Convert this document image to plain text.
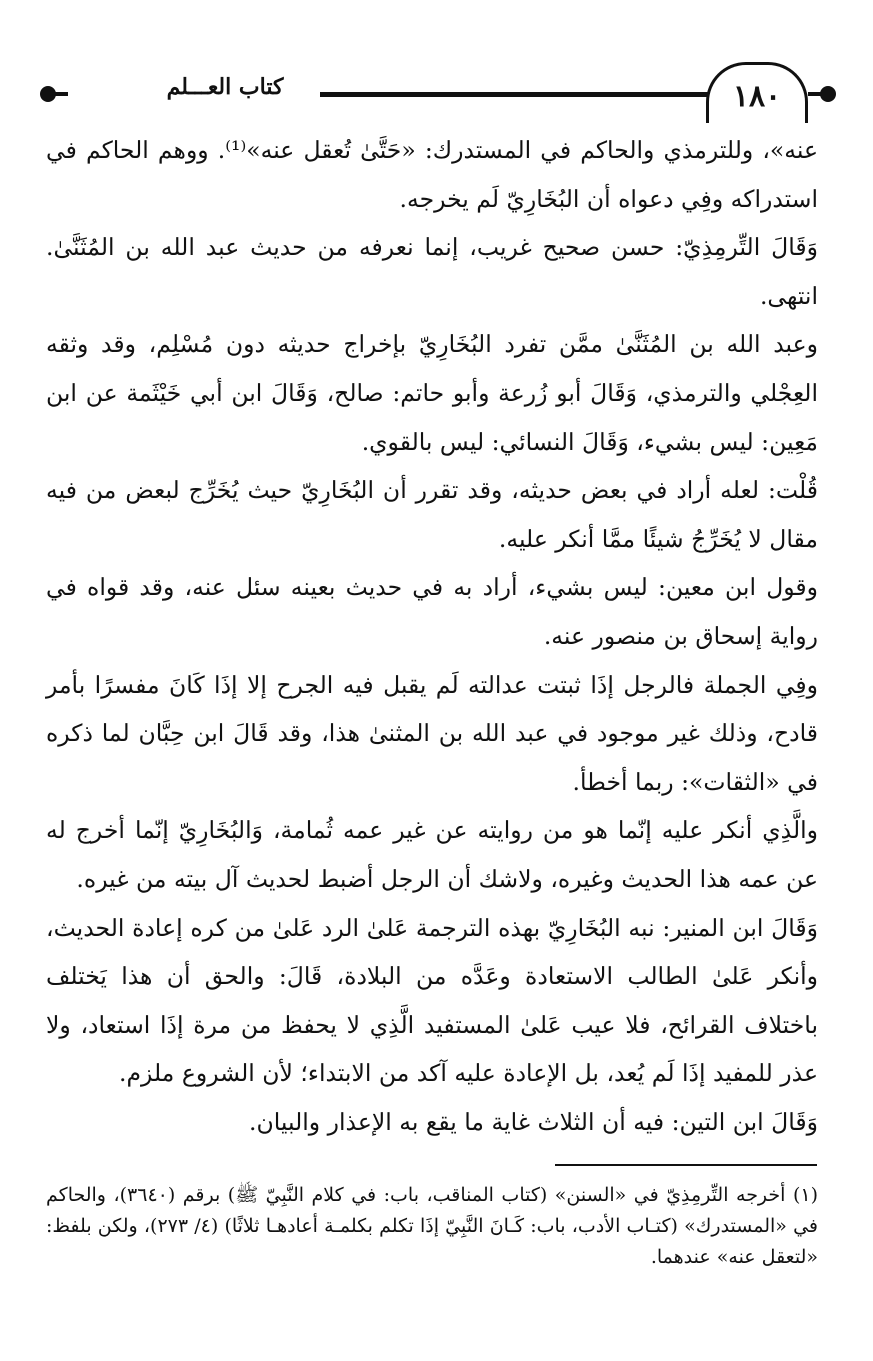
كتاب العـــلم	١٨٠

عنه»، وللترمذي والحاكم في المستدرك: «حَتَّىٰ تُعقل عنه»⁽¹⁾. ووهم الحاكم في استدراكه وفِي دعواه أن البُخَارِيّ لَم يخرجه.

وَقَالَ التِّرمِذِيّ: حسن صحيح غريب، إنما نعرفه من حديث عبد الله بن المُثَنَّىٰ. انتهى.

وعبد الله بن المُثَنَّىٰ ممَّن تفرد البُخَارِيّ بإخراج حديثه دون مُسْلِم، وقد وثقه العِجْلي والترمذي، وَقَالَ أبو زُرعة وأبو حاتم: صالح، وَقَالَ ابن أبي خَيْثَمة عن ابن مَعِين: ليس بشيء، وَقَالَ النسائي: ليس بالقوي.

قُلْت: لعله أراد في بعض حديثه، وقد تقرر أن البُخَارِيّ حيث يُخَرِّج لبعض من فيه مقال لا يُخَرِّجُ شيئًا ممَّا أنكر عليه.

وقول ابن معين: ليس بشيء، أراد به في حديث بعينه سئل عنه، وقد قواه في رواية إسحاق بن منصور عنه.

وفِي الجملة فالرجل إذَا ثبتت عدالته لَم يقبل فيه الجرح إلا إذَا كَانَ مفسرًا بأمر قادح، وذلك غير موجود في عبد الله بن المثنىٰ هذا، وقد قَالَ ابن حِبَّان لما ذكره في «الثقات»: ربما أخطأ.

والَّذِي أنكر عليه إنّما هو من روايته عن غير عمه ثُمامة، وَالبُخَارِيّ إنّما أخرج له عن عمه هذا الحديث وغيره، ولاشك أن الرجل أضبط لحديث آل بيته من غيره.

وَقَالَ ابن المنير: نبه البُخَارِيّ بهذه الترجمة عَلىٰ الرد عَلىٰ من كره إعادة الحديث، وأنكر عَلىٰ الطالب الاستعادة وعَدَّه من البلادة، قَالَ: والحق أن هذا يَختلف باختلاف القرائح، فلا عيب عَلىٰ المستفيد الَّذِي لا يحفظ من مرة إذَا استعاد، ولا عذر للمفيد إذَا لَم يُعد، بل الإعادة عليه آكد من الابتداء؛ لأن الشروع ملزم.

وَقَالَ ابن التين: فيه أن الثلاث غاية ما يقع به الإعذار والبيان.

(١) أخرجه التِّرمِذِيّ في «السنن» (كتاب المناقب، باب: في كلام النَّبِيّ ﷺ) برقم (٣٦٤٠)، والحاكم في «المستدرك» (كتـاب الأدب، باب: كَـانَ النَّبِيّ إذَا تكلم بكلمـة أعادهـا ثلاثًا) (٤/ ٢٧٣)، ولكن بلفظ: «لتعقل عنه» عندهما.
